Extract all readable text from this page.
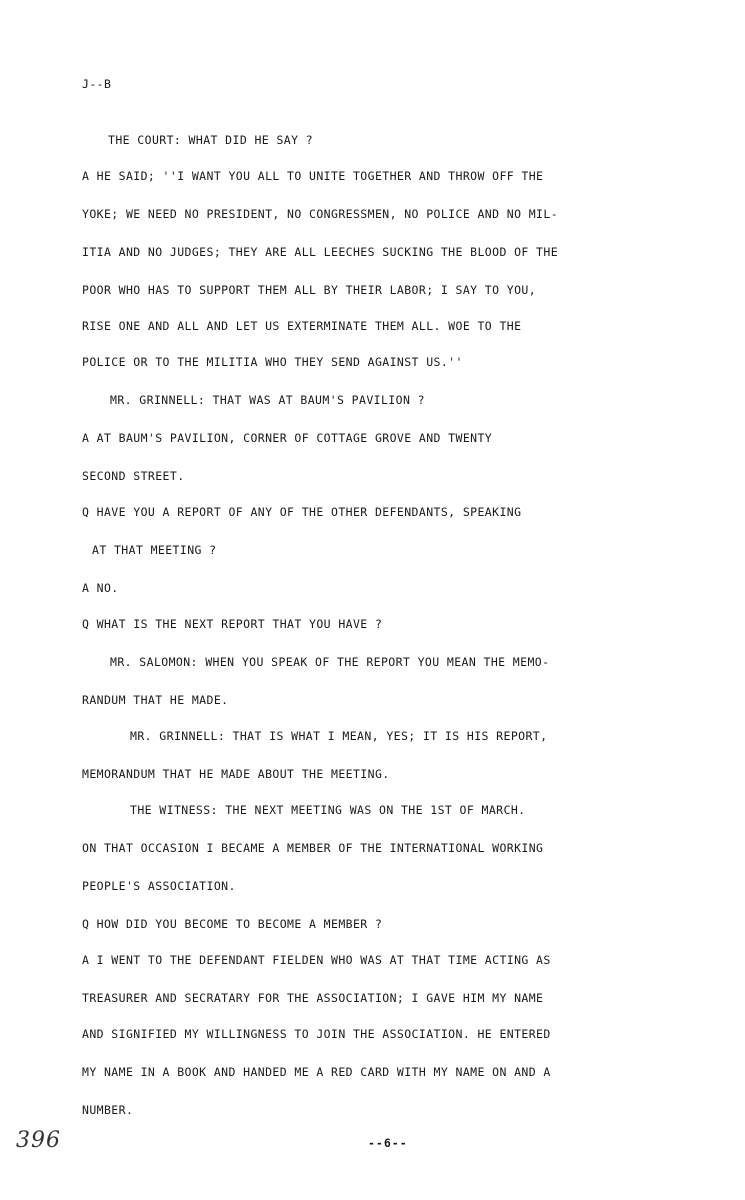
J--B
THE COURT: WHAT DID HE SAY ?
A HE SAID; ''I WANT YOU ALL TO UNITE TOGETHER AND THROW OFF THE
YOKE; WE NEED NO PRESIDENT, NO CONGRESSMEN, NO POLICE AND NO MIL-
ITIA AND NO JUDGES; THEY ARE ALL LEECHES SUCKING THE BLOOD OF THE
POOR WHO HAS TO SUPPORT THEM ALL BY THEIR LABOR; I SAY TO YOU,
RISE ONE AND ALL AND LET US EXTERMINATE THEM ALL. WOE TO THE
POLICE OR TO THE MILITIA WHO THEY SEND AGAINST US.''
MR. GRINNELL: THAT WAS AT BAUM'S PAVILION ?
A AT BAUM'S PAVILION, CORNER OF COTTAGE GROVE AND TWENTY
SECOND STREET.
Q HAVE YOU A REPORT OF ANY OF THE OTHER DEFENDANTS, SPEAKING
AT THAT MEETING ?
A NO.
Q WHAT IS THE NEXT REPORT THAT YOU HAVE ?
MR. SALOMON: WHEN YOU SPEAK OF THE REPORT YOU MEAN THE MEMO-
RANDUM THAT HE MADE.
MR. GRINNELL: THAT IS WHAT I MEAN, YES; IT IS HIS REPORT,
MEMORANDUM THAT HE MADE ABOUT THE MEETING.
THE WITNESS: THE NEXT MEETING WAS ON THE 1ST OF MARCH.
ON THAT OCCASION I BECAME A MEMBER OF THE INTERNATIONAL WORKING
PEOPLE'S ASSOCIATION.
Q HOW DID YOU BECOME TO BECOME A MEMBER ?
A I WENT TO THE DEFENDANT FIELDEN WHO WAS AT THAT TIME ACTING AS
TREASURER AND SECRATARY FOR THE ASSOCIATION; I GAVE HIM MY NAME
AND SIGNIFIED MY WILLINGNESS TO JOIN THE ASSOCIATION. HE ENTERED
MY NAME IN A BOOK AND HANDED ME A RED CARD WITH MY NAME ON AND A
NUMBER.
396	--6--
